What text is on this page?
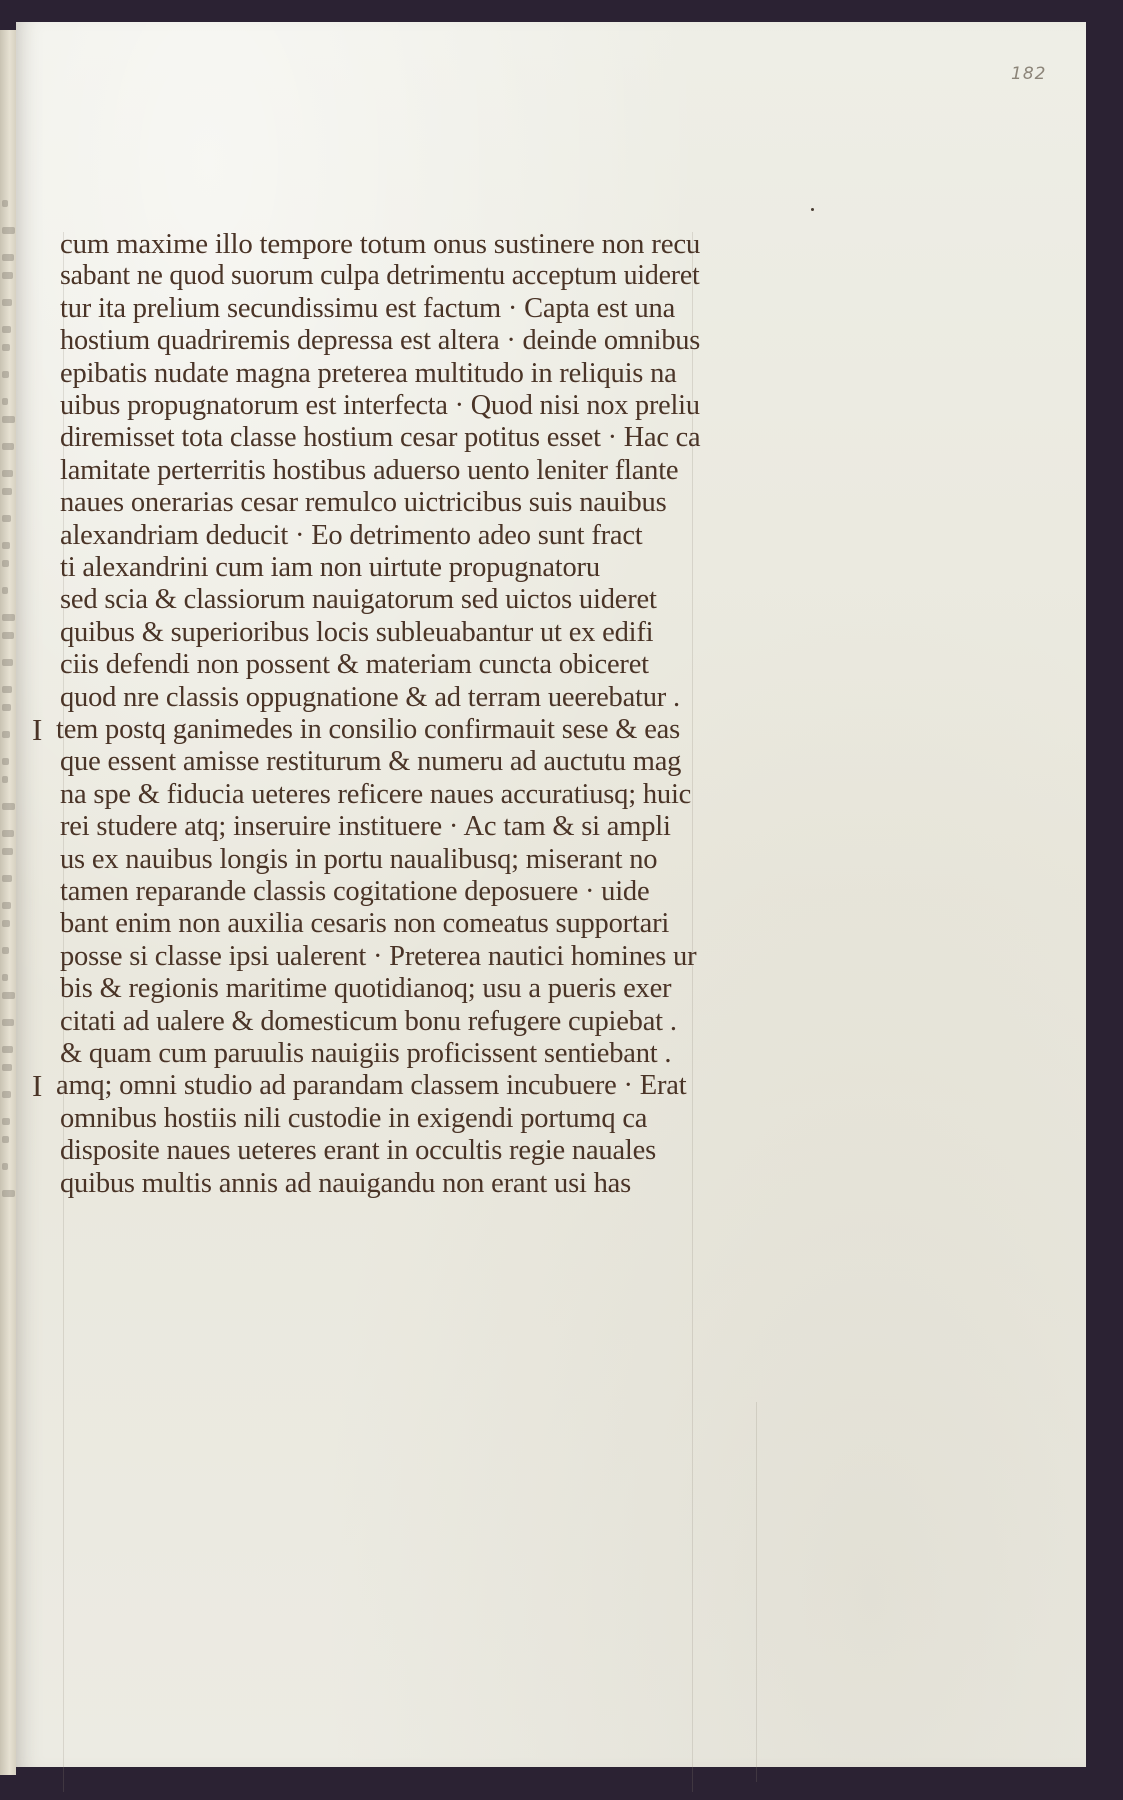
182
cum maxime illo tempore totum onus sustinere non recu
sabant ne quod suorum culpa detrimentu acceptum uideret
tur ita prelium secundissimu est factum · Capta est una
hostium quadriremis depressa est altera · deinde omnibus
epibatis nudate magna preterea multitudo in reliquis na
uibus propugnatorum est interfecta · Quod nisi nox preliu
diremisset tota classe hostium cesar potitus esset · Hac ca
lamitate perterritis hostibus aduerso uento leniter flante
naues onerarias cesar remulco uictricibus suis nauibus
alexandriam deducit · Eo detrimento adeo sunt fract
ti alexandrini cum iam non uirtute propugnatoru
sed scia & classiorum nauigatorum sed uictos uideret
quibus & superioribus locis subleuabantur ut ex edifi
ciis defendi non possent & materiam cuncta obiceret
quod nre classis oppugnatione & ad terram ueerebatur .
tem postq ganimedes in consilio confirmauit sese & eas
I
que essent amisse restiturum & numeru ad auctutu mag
na spe & fiducia ueteres reficere naues accuratiusq; huic
rei studere atq; inseruire instituere · Ac tam & si ampli
us ex nauibus longis in portu naualibusq; miserant no
tamen reparande classis cogitatione deposuere · uide
bant enim non auxilia cesaris non comeatus supportari
posse si classe ipsi ualerent · Preterea nautici homines ur
bis & regionis maritime quotidianoq; usu a pueris exer
citati ad ualere & domesticum bonu refugere cupiebat .
& quam cum paruulis nauigiis proficissent sentiebant .
amq; omni studio ad parandam classem incubuere · Erat
I
omnibus hostiis nili custodie in exigendi portumq ca
disposite naues ueteres erant in occultis regie nauales
quibus multis annis ad nauigandu non erant usi has
